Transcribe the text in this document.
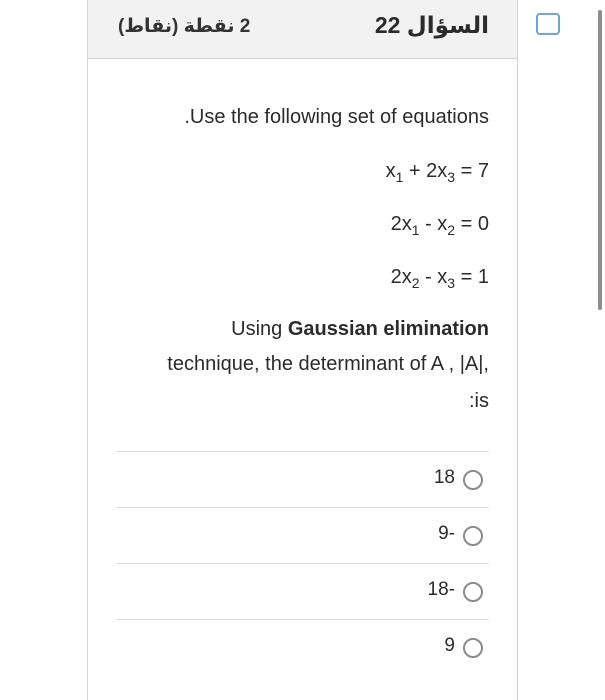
السؤال 22
2 نقطة (نقاط)
.Use the following set of equations
$x_1 + 2x_3 = 7$
$2x_1 - x_2 = 0$
$2x_2 - x_3 = 1$
Using Gaussian elimination
technique, the determinant of A , |A|,
:is
18
9-
18-
9
